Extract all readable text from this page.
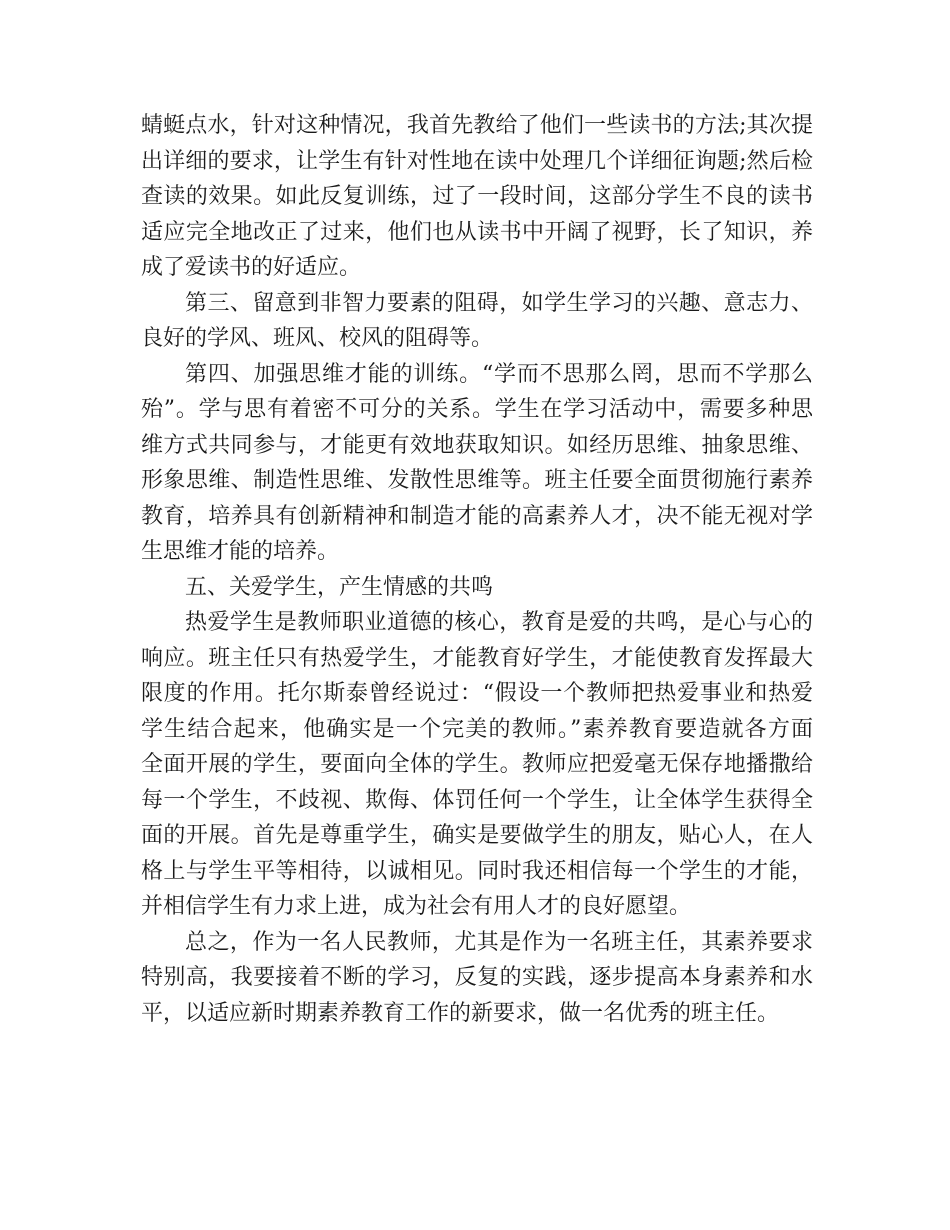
蜻蜓点水，针对这种情况，我首先教给了他们一些读书的方法;其次提
出详细的要求，让学生有针对性地在读中处理几个详细征询题;然后检
查读的效果。如此反复训练，过了一段时间，这部分学生不良的读书
适应完全地改正了过来，他们也从读书中开阔了视野，长了知识，养
成了爱读书的好适应。
第三、留意到非智力要素的阻碍，如学生学习的兴趣、意志力、
良好的学风、班风、校风的阻碍等。
第四、加强思维才能的训练。“学而不思那么罔，思而不学那么
殆”。学与思有着密不可分的关系。学生在学习活动中，需要多种思
维方式共同参与，才能更有效地获取知识。如经历思维、抽象思维、
形象思维、制造性思维、发散性思维等。班主任要全面贯彻施行素养
教育，培养具有创新精神和制造才能的高素养人才，决不能无视对学
生思维才能的培养。
五、关爱学生，产生情感的共鸣
热爱学生是教师职业道德的核心，教育是爱的共鸣，是心与心的
响应。班主任只有热爱学生，才能教育好学生，才能使教育发挥最大
限度的作用。托尔斯泰曾经说过：“假设一个教师把热爱事业和热爱
学生结合起来，他确实是一个完美的教师。”素养教育要造就各方面
全面开展的学生，要面向全体的学生。教师应把爱毫无保存地播撒给
每一个学生，不歧视、欺侮、体罚任何一个学生，让全体学生获得全
面的开展。首先是尊重学生，确实是要做学生的朋友，贴心人，在人
格上与学生平等相待，以诚相见。同时我还相信每一个学生的才能，
并相信学生有力求上进，成为社会有用人才的良好愿望。
总之，作为一名人民教师，尤其是作为一名班主任，其素养要求
特别高，我要接着不断的学习，反复的实践，逐步提高本身素养和水
平，以适应新时期素养教育工作的新要求，做一名优秀的班主任。
